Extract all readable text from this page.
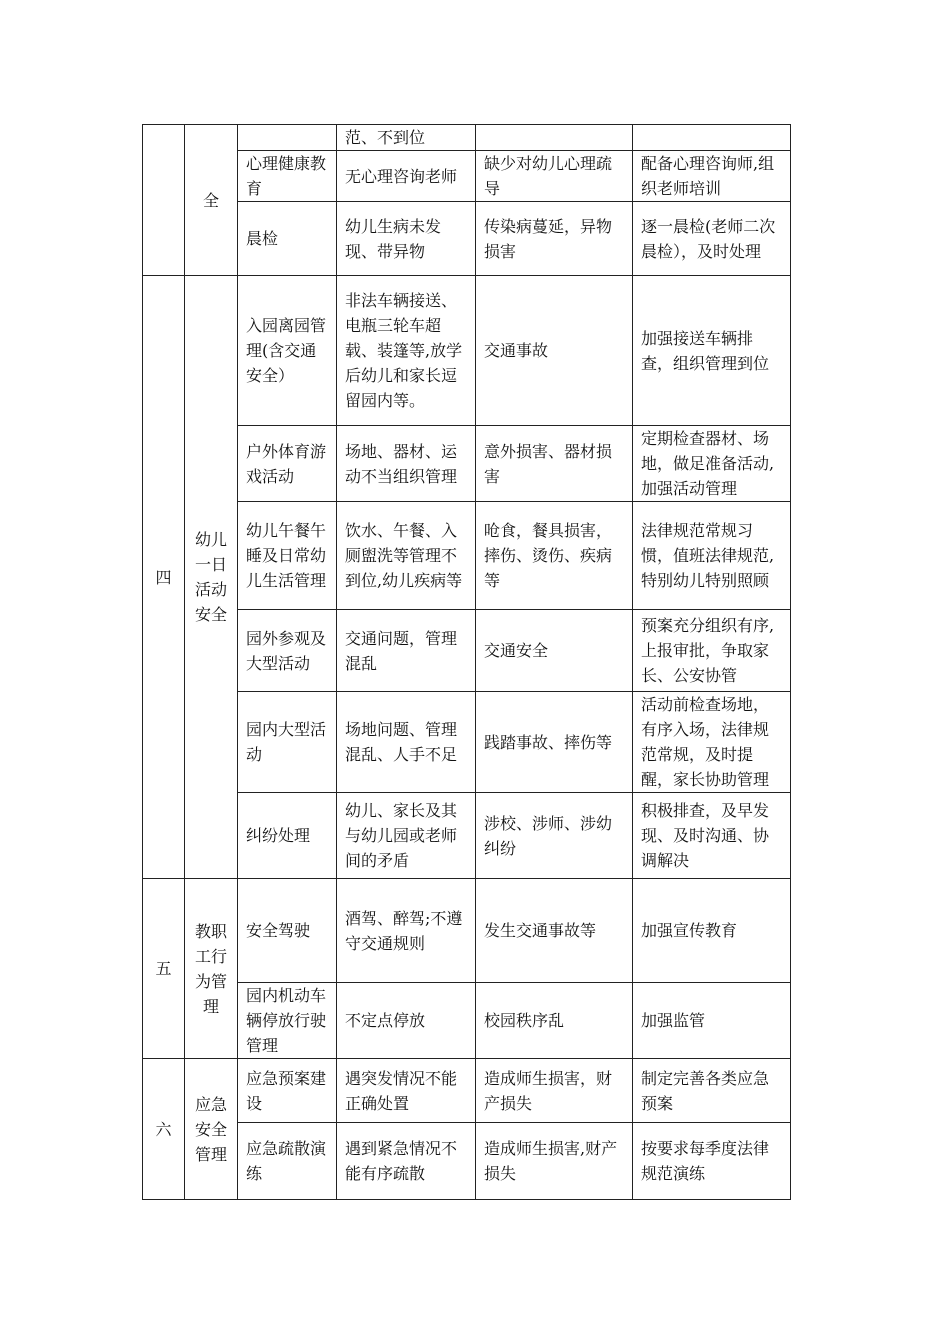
	全		范、不到位		
		心理健康教育	无心理咨询老师	缺少对幼儿心理疏导	配备心理咨询师,组织老师培训
		晨检	幼儿生病未发现、带异物	传染病蔓延，异物损害	逐一晨检(老师二次晨检），及时处理
四	幼儿一日活动安全	入园离园管理(含交通安全）	非法车辆接送、电瓶三轮车超载、装篷等,放学后幼儿和家长逗留园内等。	交通事故	加强接送车辆排查，组织管理到位
		户外体育游戏活动	场地、器材、运动不当组织管理	意外损害、器材损害	定期检查器材、场地，做足准备活动,加强活动管理
		幼儿午餐午睡及日常幼儿生活管理	饮水、午餐、入厕盥洗等管理不到位,幼儿疾病等	呛食，餐具损害，摔伤、烫伤、疾病等	法律规范常规习惯，值班法律规范,特别幼儿特别照顾
		园外参观及大型活动	交通问题，管理混乱	交通安全	预案充分组织有序,上报审批，争取家长、公安协管
		园内大型活动	场地问题、管理混乱、人手不足	践踏事故、摔伤等	活动前检查场地，有序入场，法律规范常规，及时提醒，家长协助管理
		纠纷处理	幼儿、家长及其与幼儿园或老师间的矛盾	涉校、涉师、涉幼纠纷	积极排查，及早发现、及时沟通、协调解决
五	教职工行为管理	安全驾驶	酒驾、醉驾;不遵守交通规则	发生交通事故等	加强宣传教育
		园内机动车辆停放行驶管理	不定点停放	校园秩序乱	加强监管
六	应急安全管理	应急预案建设	遇突发情况不能正确处置	造成师生损害，财产损失	制定完善各类应急预案
		应急疏散演练	遇到紧急情况不能有序疏散	造成师生损害,财产损失	按要求每季度法律规范演练
